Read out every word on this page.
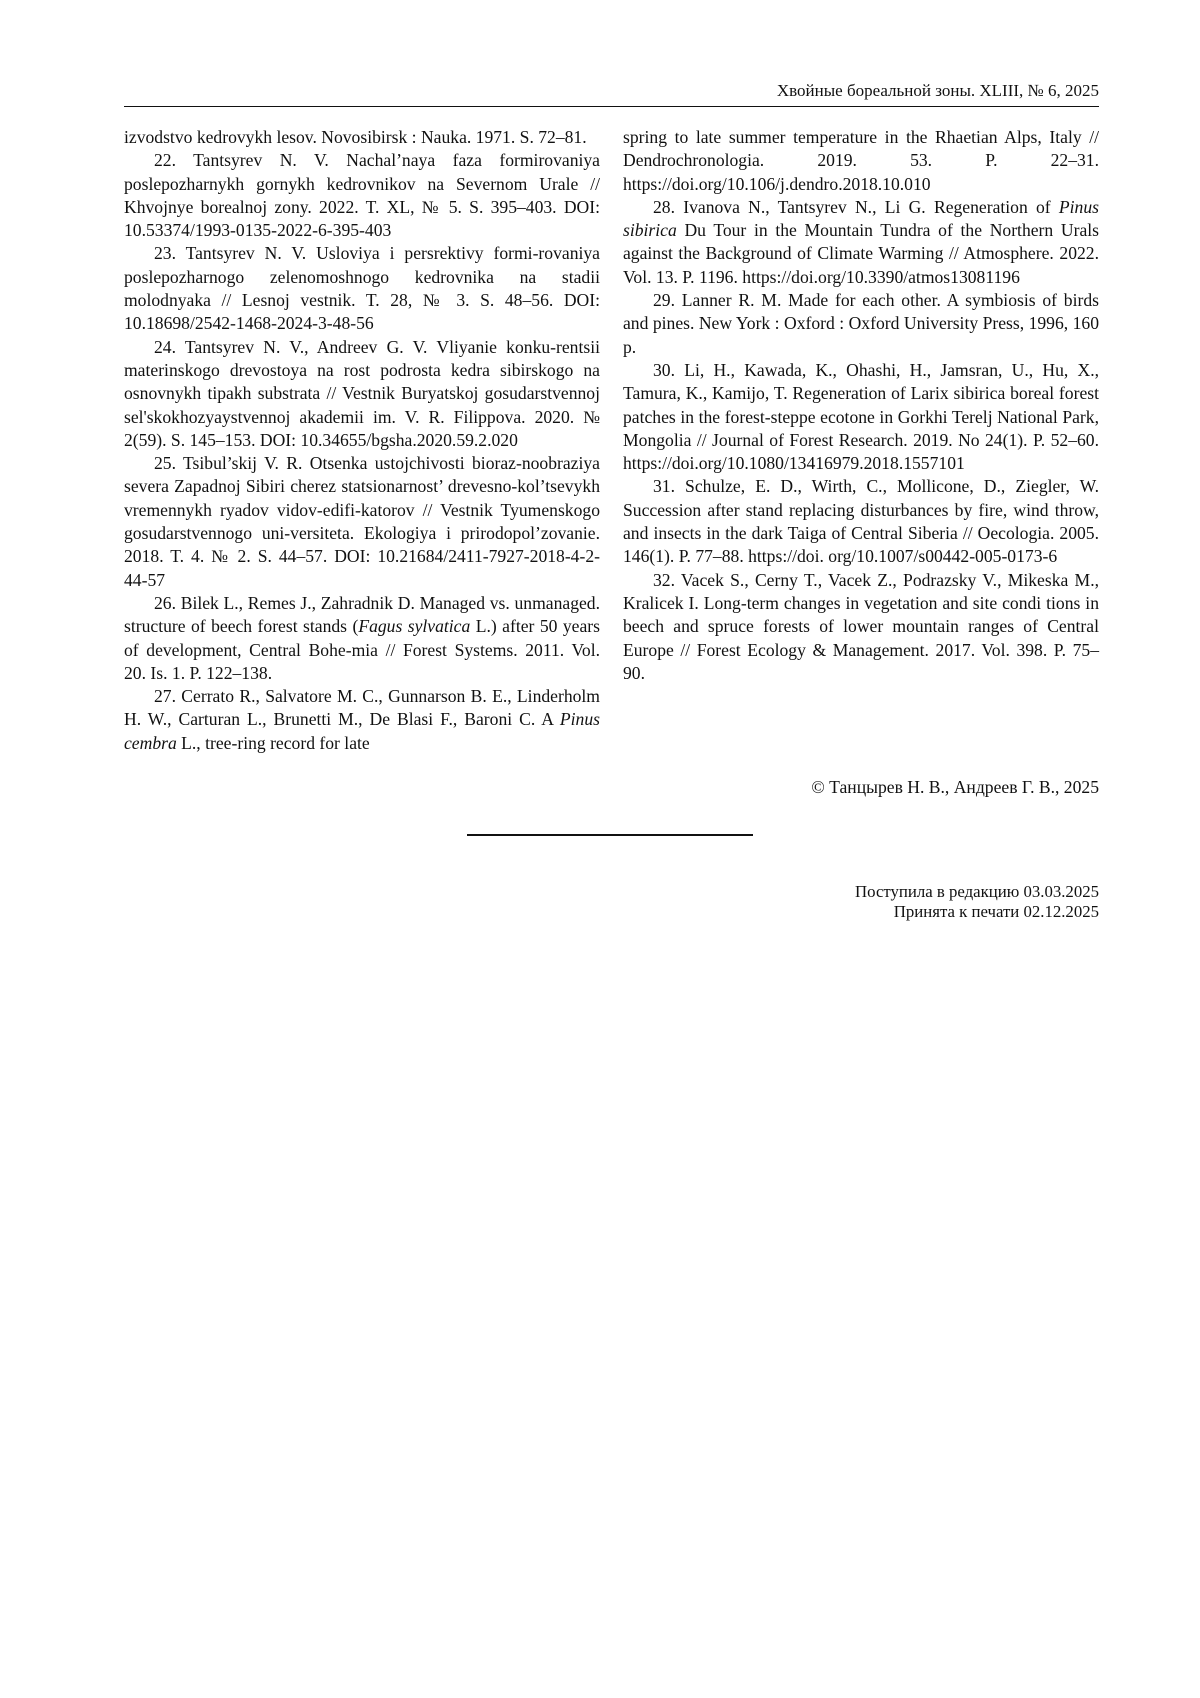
Хвойные бореальной зоны. XLIII, № 6, 2025

izvodstvo kedrovykh lesov. Novosibirsk : Nauka. 1971. S. 72–81.

22. Tantsyrev N. V. Nachal’naya faza formirovaniya poslepozharnykh gornykh kedrovnikov na Severnom Urale // Khvojnye borealnoj zony. 2022. T. XL, № 5. S. 395–403. DOI: 10.53374/1993-0135-2022-6-395-403

23. Tantsyrev N. V. Usloviya i persrektivy formi-rovaniya poslepozharnogo zelenomoshnogo kedrovnika na stadii molodnyaka // Lesnoj vestnik. T. 28, № 3. S. 48–56. DOI: 10.18698/2542-1468-2024-3-48-56

24. Tantsyrev N. V., Andreev G. V. Vliyanie konku-rentsii materinskogo drevostoya na rost podrosta kedra sibirskogo na osnovnykh tipakh substrata // Vestnik Buryatskoj gosudarstvennoj sel'skokhozyaystvennoj akademii im. V. R. Filippova. 2020. № 2(59). S. 145–153. DOI: 10.34655/bgsha.2020.59.2.020

25. Tsibul’skij V. R. Otsenka ustojchivosti bioraz-noobraziya severa Zapadnoj Sibiri cherez statsionarnost’ drevesno-kol’tsevykh vremennykh ryadov vidov-edifi-katorov // Vestnik Tyumenskogo gosudarstvennogo uni-versiteta. Ekologiya i prirodopol’zovanie. 2018. T. 4. № 2. S. 44–57. DOI: 10.21684/2411-7927-2018-4-2-44-57

26. Bilek L., Remes J., Zahradnik D. Managed vs. unmanaged. structure of beech forest stands (Fagus sylvatica L.) after 50 years of development, Central Bohe-mia // Forest Systems. 2011. Vol. 20. Is. 1. P. 122–138.

27. Cerrato R., Salvatore M. C., Gunnarson B. E., Linderholm H. W., Carturan L., Brunetti M., De Blasi F., Baroni C. A Pinus cembra L., tree-ring record for late

spring to late summer temperature in the Rhaetian Alps, Italy // Dendrochronologia. 2019. 53. P. 22–31. https://doi.org/10.106/j.dendro.2018.10.010

28. Ivanova N., Tantsyrev N., Li G. Regeneration of Pinus sibirica Du Tour in the Mountain Tundra of the Northern Urals against the Background of Climate Warming // Atmosphere. 2022. Vol. 13. P. 1196. https://doi.org/10.3390/atmos13081196

29. Lanner R. M. Made for each other. A symbiosis of birds and pines. New York : Oxford : Oxford University Press, 1996, 160 p.

30. Li, H., Kawada, K., Ohashi, H., Jamsran, U., Hu, X., Tamura, K., Kamijo, T. Regeneration of Larix sibirica boreal forest patches in the forest-steppe ecotone in Gorkhi Terelj National Park, Mongolia // Journal of Forest Research. 2019. No 24(1). P. 52–60. https://doi.org/10.1080/13416979.2018.1557101

31. Schulze, E. D., Wirth, C., Mollicone, D., Ziegler, W. Succession after stand replacing disturbances by fire, wind throw, and insects in the dark Taiga of Central Siberia // Oecologia. 2005. 146(1). P. 77–88. https://doi. org/10.1007/s00442-005-0173-6

32. Vacek S., Cerny T., Vacek Z., Podrazsky V., Mikeska M., Kralicek I. Long-term changes in vegetation and site condi tions in beech and spruce forests of lower mountain ranges of Central Europe // Forest Ecology & Management. 2017. Vol. 398. P. 75–90.

© Танцырев Н. В., Андреев Г. В., 2025
Поступила в редакцию 03.03.2025
Принята к печати 02.12.2025
